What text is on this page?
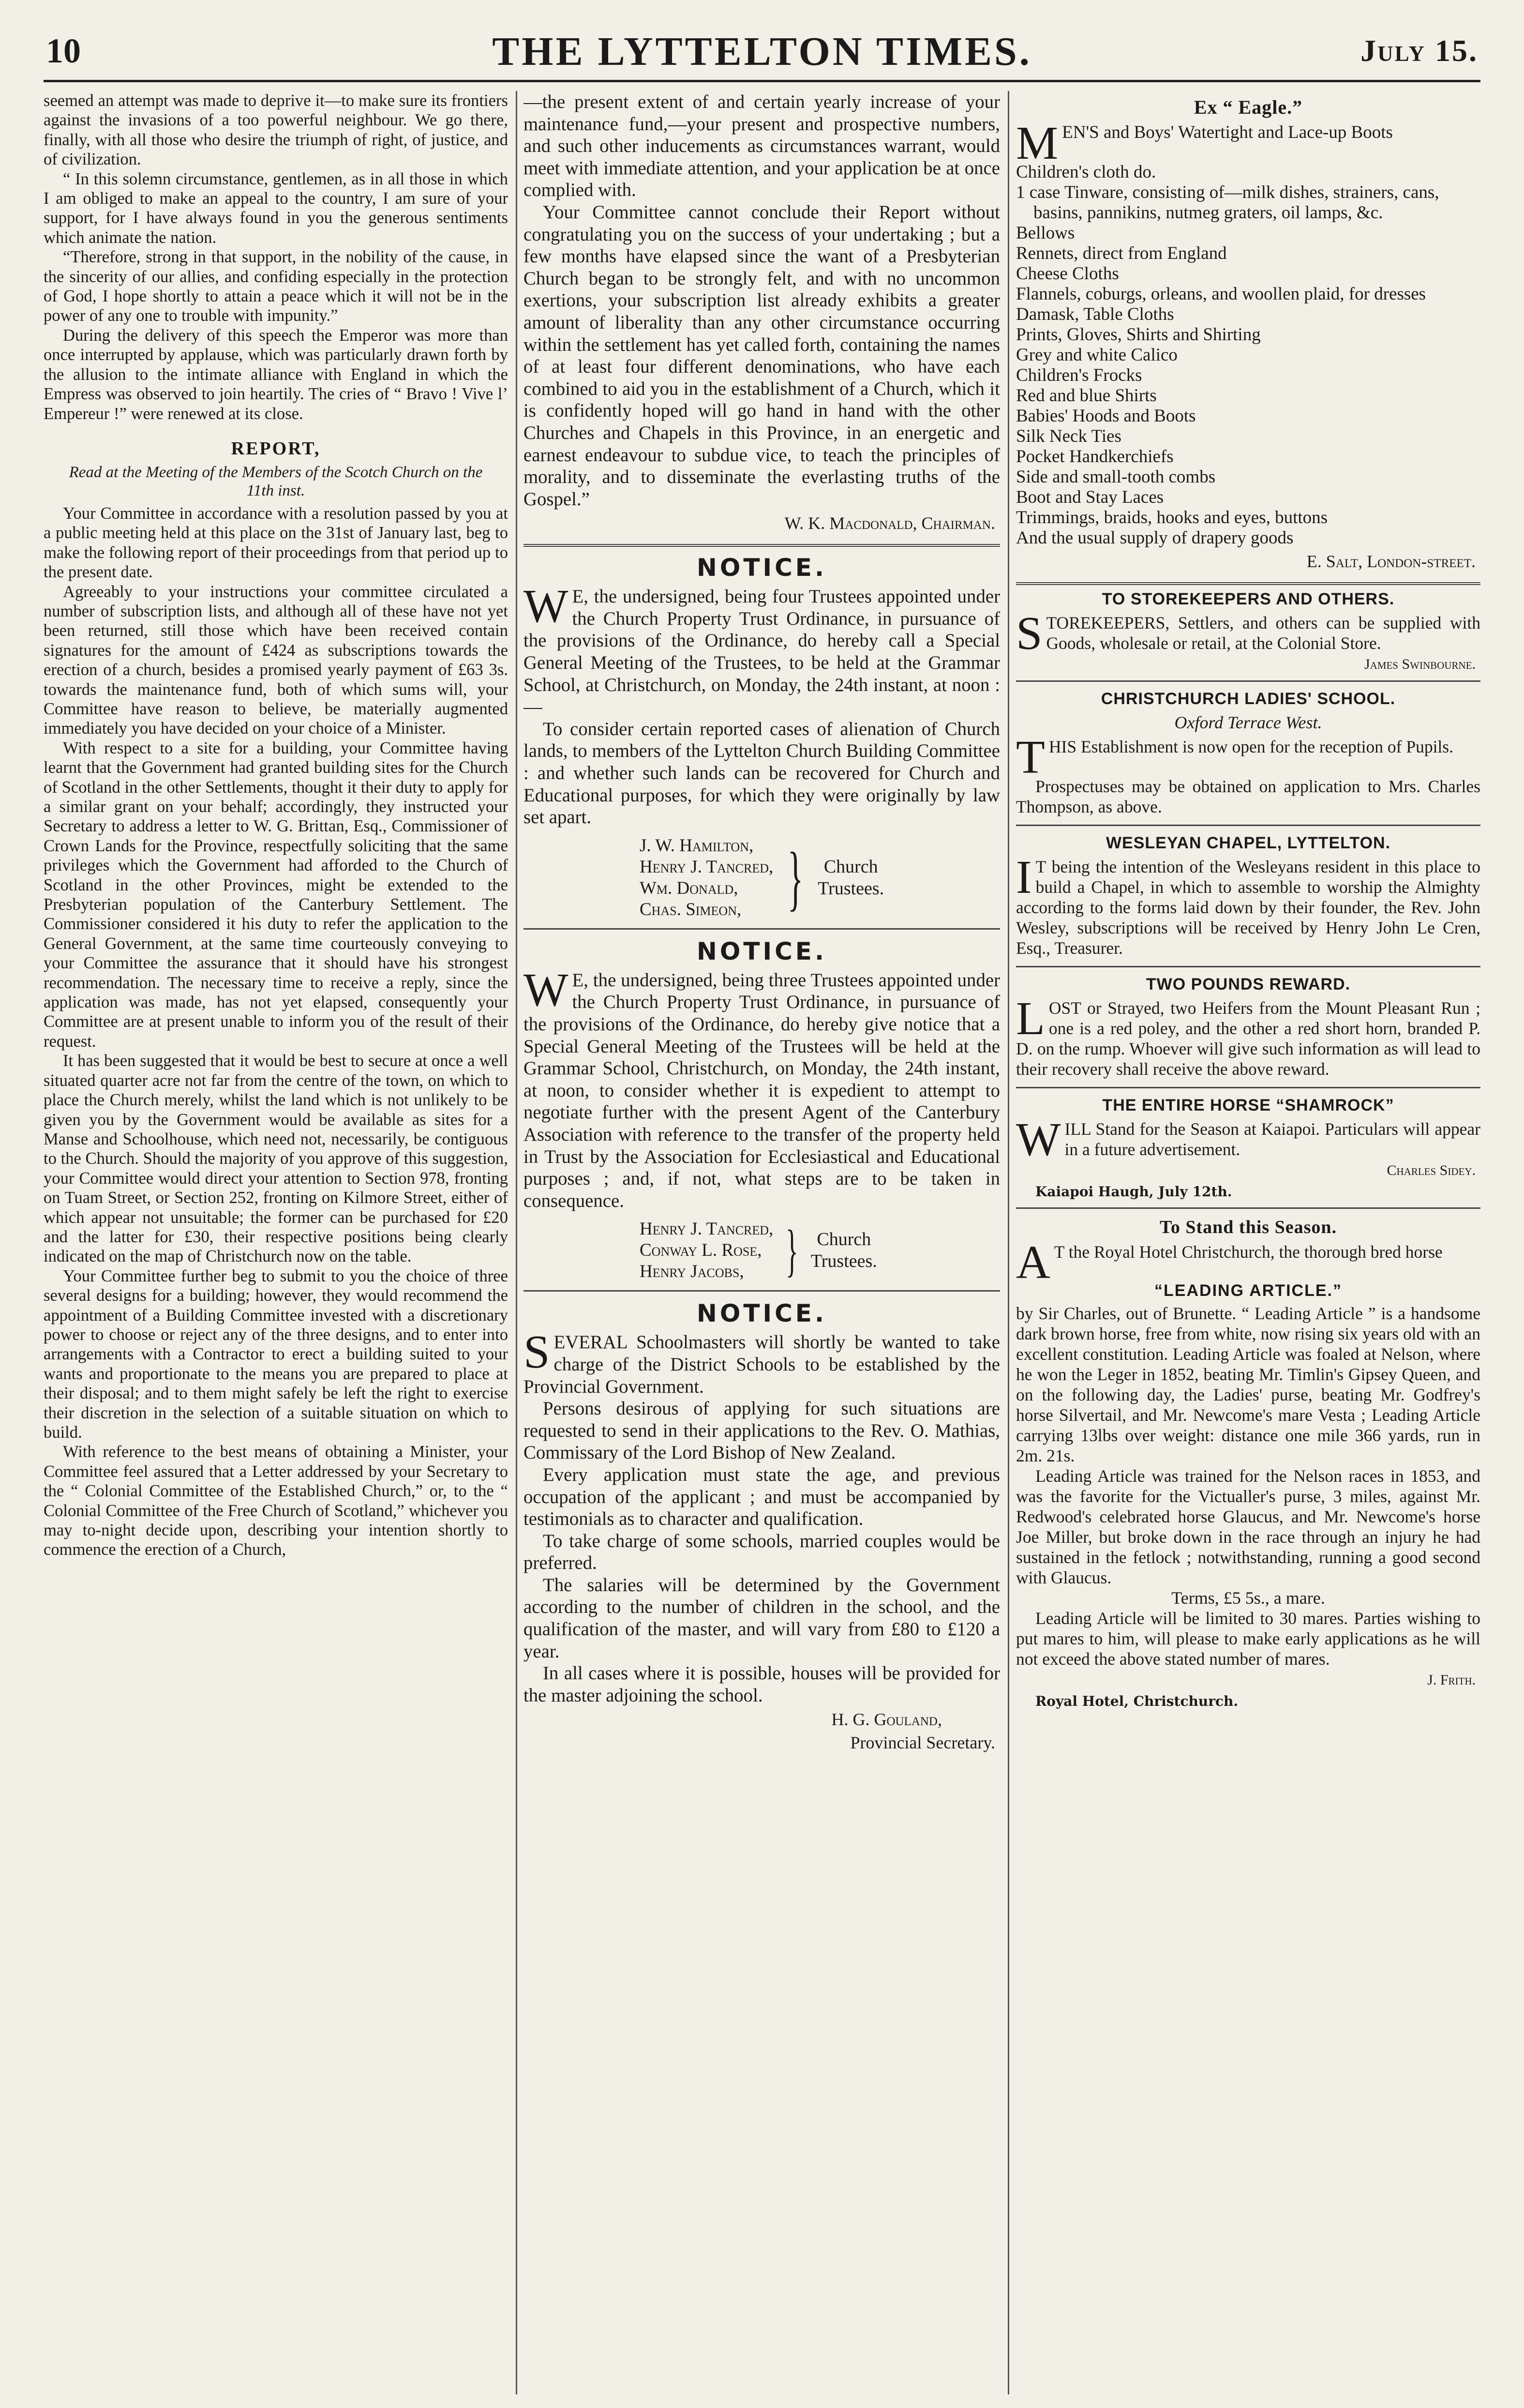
10	THE LYTTELTON TIMES.	July 15.

seemed an attempt was made to deprive it—to make sure its frontiers against the invasions of a too powerful neighbour. We go there, finally, with all those who desire the triumph of right, of justice, and of civilization.

“ In this solemn circumstance, gentlemen, as in all those in which I am obliged to make an appeal to the country, I am sure of your support, for I have always found in you the generous sentiments which animate the nation.

“Therefore, strong in that support, in the nobility of the cause, in the sincerity of our allies, and confiding especially in the protection of God, I hope shortly to attain a peace which it will not be in the power of any one to trouble with impunity.”

During the delivery of this speech the Emperor was more than once interrupted by applause, which was particularly drawn forth by the allusion to the intimate alliance with England in which the Empress was observed to join heartily. The cries of “ Bravo ! Vive l’ Empereur !” were renewed at its close.

REPORT,
Read at the Meeting of the Members of the Scotch Church on the 11th inst.

Your Committee in accordance with a resolution passed by you at a public meeting held at this place on the 31st of January last, beg to make the following report of their proceedings from that period up to the present date.

Agreeably to your instructions your committee circulated a number of subscription lists, and although all of these have not yet been returned, still those which have been received contain signatures for the amount of £424 as subscriptions towards the erection of a church, besides a promised yearly payment of £63 3s. towards the maintenance fund, both of which sums will, your Committee have reason to believe, be materially augmented immediately you have decided on your choice of a Minister.

With respect to a site for a building, your Committee having learnt that the Government had granted building sites for the Church of Scotland in the other Settlements, thought it their duty to apply for a similar grant on your behalf; accordingly, they instructed your Secretary to address a letter to W. G. Brittan, Esq., Commissioner of Crown Lands for the Province, respectfully soliciting that the same privileges which the Government had afforded to the Church of Scotland in the other Provinces, might be extended to the Presbyterian population of the Canterbury Settlement. The Commissioner considered it his duty to refer the application to the General Government, at the same time courteously conveying to your Committee the assurance that it should have his strongest recommendation. The necessary time to receive a reply, since the application was made, has not yet elapsed, consequently your Committee are at present unable to inform you of the result of their request.

It has been suggested that it would be best to secure at once a well situated quarter acre not far from the centre of the town, on which to place the Church merely, whilst the land which is not unlikely to be given you by the Government would be available as sites for a Manse and Schoolhouse, which need not, necessarily, be contiguous to the Church. Should the majority of you approve of this suggestion, your Committee would direct your attention to Section 978, fronting on Tuam Street, or Section 252, fronting on Kilmore Street, either of which appear not unsuitable; the former can be purchased for £20 and the latter for £30, their respective positions being clearly indicated on the map of Christchurch now on the table.

Your Committee further beg to submit to you the choice of three several designs for a building; however, they would recommend the appointment of a Building Committee invested with a discretionary power to choose or reject any of the three designs, and to enter into arrangements with a Contractor to erect a building suited to your wants and proportionate to the means you are prepared to place at their disposal; and to them might safely be left the right to exercise their discretion in the selection of a suitable situation on which to build.

With reference to the best means of obtaining a Minister, your Committee feel assured that a Letter addressed by your Secretary to the “ Colonial Committee of the Established Church,” or, to the “ Colonial Committee of the Free Church of Scotland,” whichever you may to-night decide upon, describing your intention shortly to commence the erection of a Church,

—the present extent of and certain yearly increase of your maintenance fund,—your present and prospective numbers, and such other inducements as circumstances warrant, would meet with immediate attention, and your application be at once complied with.

Your Committee cannot conclude their Report without congratulating you on the success of your undertaking ; but a few months have elapsed since the want of a Presbyterian Church began to be strongly felt, and with no uncommon exertions, your subscription list already exhibits a greater amount of liberality than any other circumstance occurring within the settlement has yet called forth, containing the names of at least four different denominations, who have each combined to aid you in the establishment of a Church, which it is confidently hoped will go hand in hand with the other Churches and Chapels in this Province, in an energetic and earnest endeavour to subdue vice, to teach the principles of morality, and to disseminate the everlasting truths of the Gospel.”

W. K. Macdonald, Chairman.
NOTICE.

W E, the undersigned, being four Trustees appointed under the Church Property Trust Ordinance, in pursuance of the provisions of the Ordinance, do hereby call a Special General Meeting of the Trustees, to be held at the Grammar School, at Christchurch, on Monday, the 24th instant, at noon :—

To consider certain reported cases of alienation of Church lands, to members of the Lyttelton Church Building Committee : and whether such lands can be recovered for Church and Educational purposes, for which they were originally by law set apart.

J. W. Hamilton,
Henry J. Tancred,
Wm. Donald,
Chas. Simeon, }	Church
Trustees.
NOTICE.

W E, the undersigned, being three Trustees appointed under the Church Property Trust Ordinance, in pursuance of the provisions of the Ordinance, do hereby give notice that a Special General Meeting of the Trustees will be held at the Grammar School, Christchurch, on Monday, the 24th instant, at noon, to consider whether it is expedient to attempt to negotiate further with the present Agent of the Canterbury Association with reference to the transfer of the property held in Trust by the Association for Ecclesiastical and Educational purposes ; and, if not, what steps are to be taken in consequence.

Henry J. Tancred,
Conway L. Rose,
Henry Jacobs, }	Church
Trustees.
NOTICE.

SEVERAL Schoolmasters will shortly be wanted to take charge of the District Schools to be established by the Provincial Government.

Persons desirous of applying for such situations are requested to send in their applications to the Rev. O. Mathias, Commissary of the Lord Bishop of New Zealand.

Every application must state the age, and previous occupation of the applicant ; and must be accompanied by testimonials as to character and qualification.

To take charge of some schools, married couples would be preferred.

The salaries will be determined by the Government according to the number of children in the school, and the qualification of the master, and will vary from £80 to £120 a year.

In all cases where it is possible, houses will be provided for the master adjoining the school.

H. G. Gouland,
Provincial Secretary.
Ex “ Eagle.”
MEN'S and Boys' Watertight and Lace-up Boots
Children's cloth do.
1 case Tinware, consisting of—milk dishes, strainers, cans, basins, pannikins, nutmeg graters, oil lamps, &c.
Bellows
Rennets, direct from England
Cheese Cloths
Flannels, coburgs, orleans, and woollen plaid, for dresses
Damask, Table Cloths
Prints, Gloves, Shirts and Shirting
Grey and white Calico
Children's Frocks
Red and blue Shirts
Babies' Hoods and Boots
Silk Neck Ties
Pocket Handkerchiefs
Side and small-tooth combs
Boot and Stay Laces
Trimmings, braids, hooks and eyes, buttons
And the usual supply of drapery goods
E. Salt, London-street.
TO STOREKEEPERS AND OTHERS.

STOREKEEPERS, Settlers, and others can be supplied with Goods, wholesale or retail, at the Colonial Store.

James Swinbourne.
CHRISTCHURCH LADIES' SCHOOL.
Oxford Terrace West.

THIS Establishment is now open for the reception of Pupils.

Prospectuses may be obtained on application to Mrs. Charles Thompson, as above.

WESLEYAN CHAPEL, LYTTELTON.

I T being the intention of the Wesleyans resident in this place to build a Chapel, in which to assemble to worship the Almighty according to the forms laid down by their founder, the Rev. John Wesley, subscriptions will be received by Henry John Le Cren, Esq., Treasurer.

TWO POUNDS REWARD.

LOST or Strayed, two Heifers from the Mount Pleasant Run ; one is a red poley, and the other a red short horn, branded P. D. on the rump. Whoever will give such information as will lead to their recovery shall receive the above reward.

THE ENTIRE HORSE “SHAMROCK”

WILL Stand for the Season at Kaiapoi. Particulars will appear in a future advertisement.

Charles Sidey.
Kaiapoi Haugh, July 12th.
To Stand this Season.

A T the Royal Hotel Christchurch, the thorough bred horse

“LEADING ARTICLE.”

by Sir Charles, out of Brunette. “ Leading Article ” is a handsome dark brown horse, free from white, now rising six years old with an excellent constitution. Leading Article was foaled at Nelson, where he won the Leger in 1852, beating Mr. Timlin's Gipsey Queen, and on the following day, the Ladies' purse, beating Mr. Godfrey's horse Silvertail, and Mr. Newcome's mare Vesta ; Leading Article carrying 13lbs over weight: distance one mile 366 yards, run in 2m. 21s.

Leading Article was trained for the Nelson races in 1853, and was the favorite for the Victualler's purse, 3 miles, against Mr. Redwood's celebrated horse Glaucus, and Mr. Newcome's horse Joe Miller, but broke down in the race through an injury he had sustained in the fetlock ; notwithstanding, running a good second with Glaucus.

Terms, £5 5s., a mare.

Leading Article will be limited to 30 mares. Parties wishing to put mares to him, will please to make early applications as he will not exceed the above stated number of mares.

J. Frith.
Royal Hotel, Christchurch.
